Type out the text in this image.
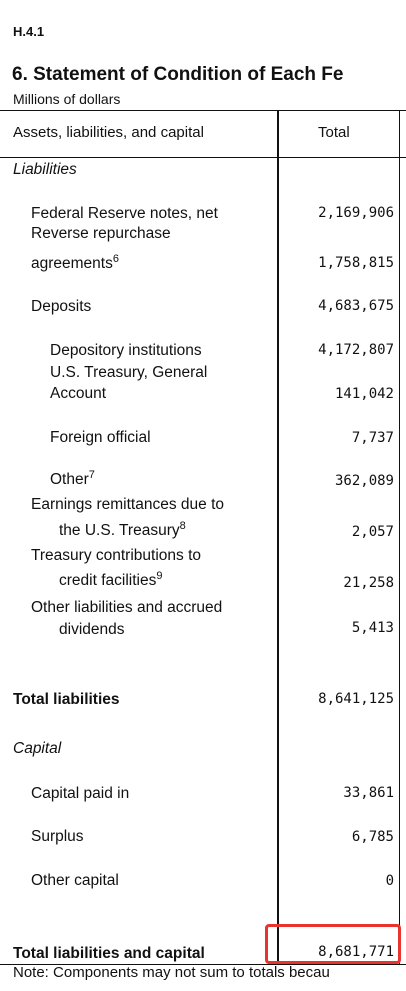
H.4.1
6. Statement of Condition of Each Fe
Millions of dollars
Assets, liabilities, and capital	Total
Liabilities
Federal Reserve notes, net	2,169,906
Reverse repurchase
agreements$^6$	1,758,815
Deposits	4,683,675
Depository institutions	4,172,807
U.S. Treasury, General
Account	141,042
Foreign official	7,737
Other$^7$	362,089
Earnings remittances due to
the U.S. Treasury$^8$	2,057
Treasury contributions to
credit facilities$^9$	21,258
Other liabilities and accrued
dividends	5,413
Total liabilities	8,641,125
Capital
Capital paid in	33,861
Surplus	6,785
Other capital	0
Total liabilities and capital	8,681,771
Note: Components may not sum to totals becau
